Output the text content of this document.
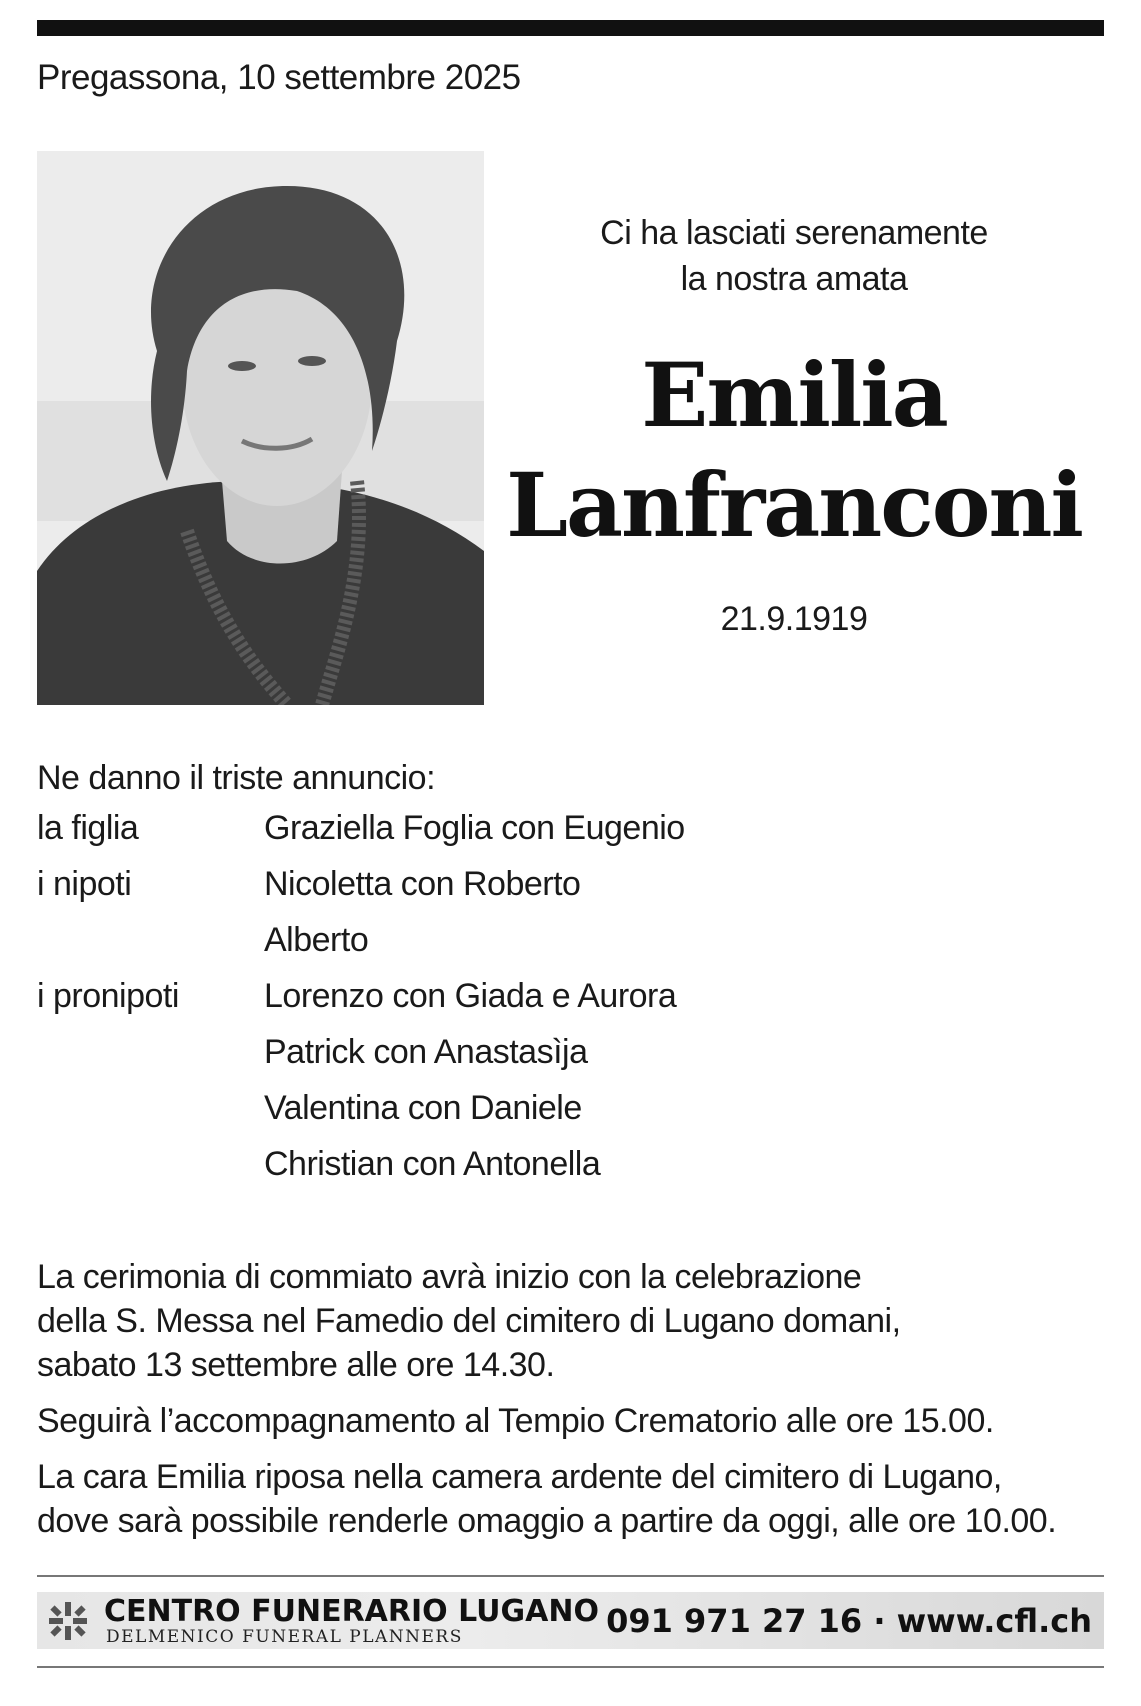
Pregassona, 10 settembre 2025
Ci ha lasciati serenamente
la nostra amata
Emilia
Lanfranconi
21.9.1919
Ne danno il triste annuncio:
la figlia	Graziella Foglia con Eugenio
i nipoti	Nicoletta con Roberto
Alberto
i pronipoti	Lorenzo con Giada e Aurora
Patrick con Anastasìja
Valentina con Daniele
Christian con Antonella

La cerimonia di commiato avrà inizio con la celebrazione
della S. Messa nel Famedio del cimitero di Lugano domani,
sabato 13 settembre alle ore 14.30.

Seguirà l’accompagnamento al Tempio Crematorio alle ore 15.00.

La cara Emilia riposa nella camera ardente del cimitero di Lugano,
dove sarà possibile renderle omaggio a partire da oggi, alle ore 10.00.

CENTRO FUNERARIO LUGANO
DELMENICO FUNERAL PLANNERS	091 971 27 16 · www.cfl.ch
